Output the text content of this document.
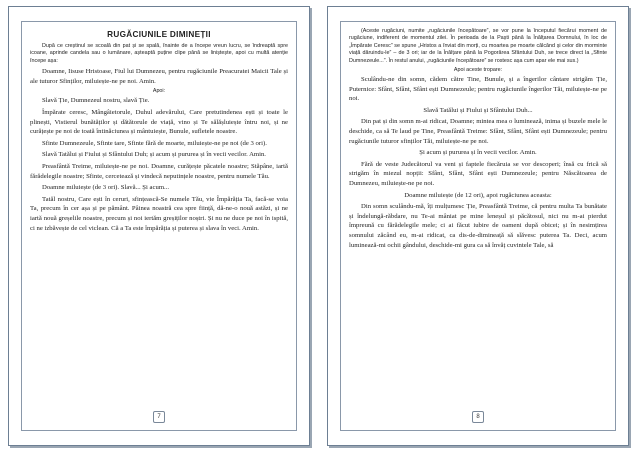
RUGĂCIUNILE DIMINEȚII
După ce creștinul se scoală din pat și se spală, înainte de a începe vreun lucru, se îndreaptă spre icoane, aprinde candela sau o lumânare, așteaptă puține clipe până se liniștește, apoi cu multă atenție începe așa:
Doamne, Iisuse Hristoase, Fiul lui Dumnezeu, pentru rugăciunile Preacuratei Maicii Tale și ale tuturor Sfinților, miluiește-ne pe noi. Amin.
Apoi:
Slavă Ție, Dumnezeul nostru, slavă Ție.
Împărate ceresc, Mângâietorule, Duhul adevărului, Care pretutindenea ești și toate le plinești, Vistierul bunătăților și dătătorule de viață, vino și Te sălășluiește întru noi, și ne curățește pe noi de toată întinăciunea și mântuiește, Bunule, sufletele noastre.
Sfinte Dumnezeule, Sfinte tare, Sfinte fără de moarte, miluiește-ne pe noi (de 3 ori).
Slavă Tatălui și Fiului și Sfântului Duh; și acum și pururea și în vecii vecilor. Amin.
Preasfântă Treime, miluiește-ne pe noi. Doamne, curățește păcatele noastre; Stăpâne, iartă fărădelegile noastre; Sfinte, cercetează și vindecă neputințele noastre, pentru numele Tău.
Doamne miluiește (de 3 ori). Slavă... Și acum...
Tatăl nostru, Care ești în ceruri, sfințească-Se numele Tău, vie Împărăția Ta, facă-se voia Ta, precum în cer așa și pe pământ. Pâinea noastră cea spre ființă, dă-ne-o nouă astăzi, și ne iartă nouă greșelile noastre, precum și noi iertăm greșiților noștri. Și nu ne duce pe noi în ispită, ci ne izbăvește de cel viclean. Că a Ta este împărăția și puterea și slava în veci. Amin.
7
(Aceste rugăciuni, numite „rugăciunile începătoare”, se vor pune la începutul fiecărui moment de rugăciune, indiferent de momentul zilei. În perioada de la Paști până la Înălțarea Domnului, în loc de „Împărate Ceresc” se spune „Hristos a înviat din morți, cu moartea pe moarte călcând și celor din morminte viață dăruindu-le” – de 3 ori; iar de la Înălțare până la Pogorârea Sfântului Duh, se trece direct la „Sfinte Dumnezeule...”. În restul anului, „rugăciunile începătoare” se rostesc așa cum apar ele mai sus.)
Apoi aceste tropare:
Sculându-ne din somn, cădem către Tine, Bunule, și a îngerilor cântare strigăm Ție, Puternice: Sfânt, Sfânt, Sfânt ești Dumnezeule; pentru rugăciunile îngerilor Tăi, miluiește-ne pe noi.
Slavă Tatălui și Fiului și Sfântului Duh...
Din pat și din somn m-ai ridicat, Doamne; mintea mea o luminează, inima și buzele mele le deschide, ca să Te laud pe Tine, Preasfântă Treime: Sfânt, Sfânt, Sfânt ești Dumnezeule; pentru rugăciunile tuturor sfinților Tăi, miluiește-ne pe noi.
Și acum și pururea și în vecii vecilor. Amin.
Fără de veste Judecătorul va veni și faptele fiecăruia se vor descoperi; însă cu frică să strigăm în miezul nopții: Sfânt, Sfânt, Sfânt ești Dumnezeule; pentru Născătoarea de Dumnezeu, miluiește-ne pe noi.
Doamne miluiește (de 12 ori), apoi rugăciunea aceasta:
Din somn sculându-mă, îți mulțumesc Ție, Preasfântă Treime, că pentru multa Ta bunătate și îndelungă-răbdare, nu Te-ai mâniat pe mine leneșul și păcătosul, nici nu m-ai pierdut împreună cu fărădelegile mele; ci ai făcut iubire de oameni după obicei; și în nesimțirea somnului zăcând eu, m-ai ridicat, ca dis-de-dimineață să slăvesc puterea Ta. Deci, acum luminează-mi ochii gândului, deschide-mi gura ca să învăț cuvintele Tale, să
8
